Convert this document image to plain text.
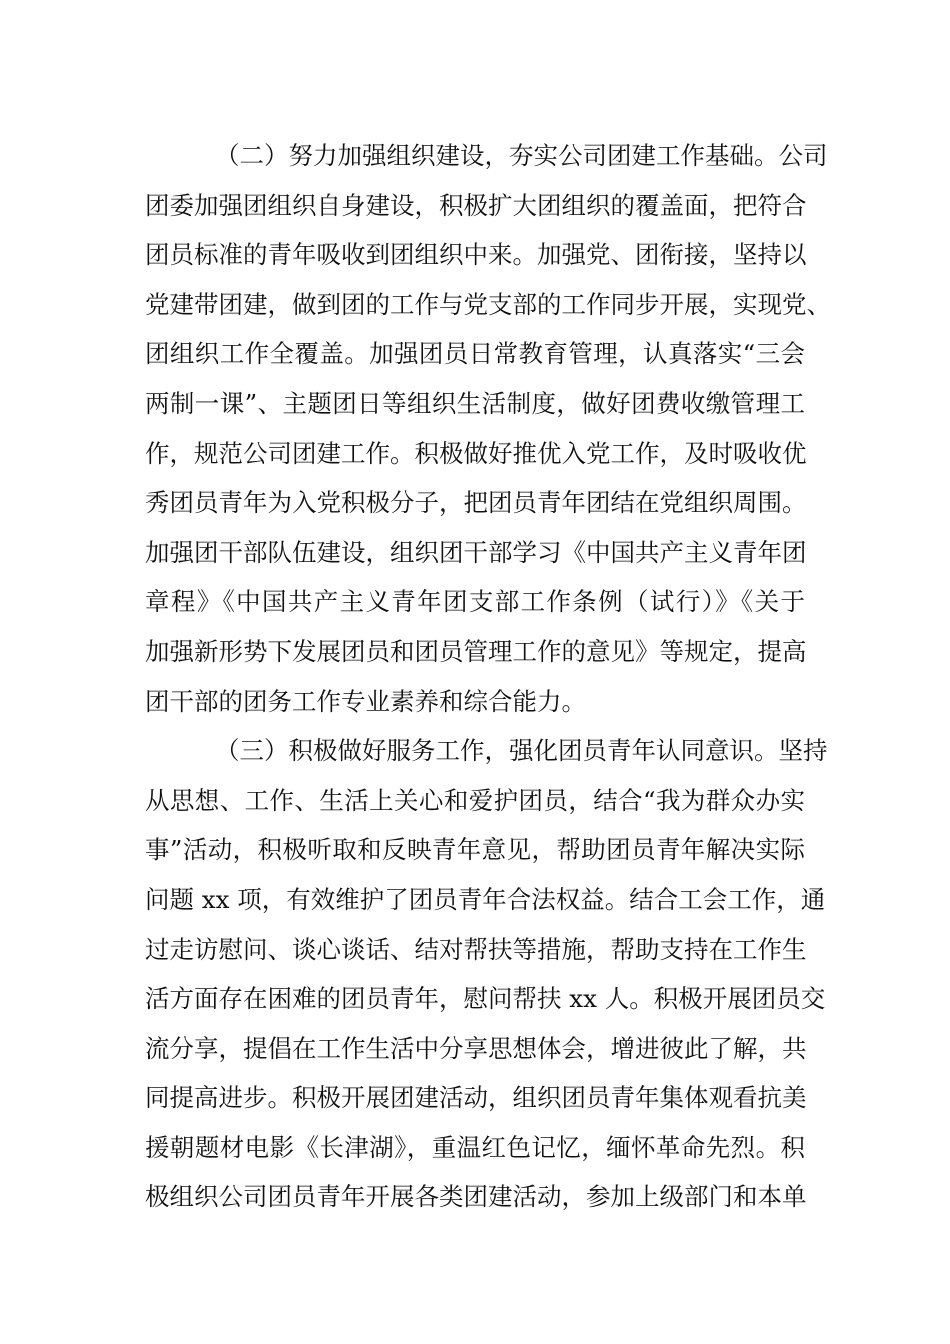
（二）努力加强组织建设，夯实公司团建工作基础。公司
团委加强团组织自身建设，积极扩大团组织的覆盖面，把符合
团员标准的青年吸收到团组织中来。加强党、团衔接，坚持以
党建带团建，做到团的工作与党支部的工作同步开展，实现党、
团组织工作全覆盖。加强团员日常教育管理，认真落实“三会
两制一课”、主题团日等组织生活制度，做好团费收缴管理工
作，规范公司团建工作。积极做好推优入党工作，及时吸收优
秀团员青年为入党积极分子，把团员青年团结在党组织周围。
加强团干部队伍建设，组织团干部学习《中国共产主义青年团
章程》《中国共产主义青年团支部工作条例（试行）》《关于
加强新形势下发展团员和团员管理工作的意见》等规定，提高
团干部的团务工作专业素养和综合能力。
（三）积极做好服务工作，强化团员青年认同意识。坚持
从思想、工作、生活上关心和爱护团员，结合“我为群众办实
事”活动，积极听取和反映青年意见，帮助团员青年解决实际
问题 xx 项，有效维护了团员青年合法权益。结合工会工作，通
过走访慰问、谈心谈话、结对帮扶等措施，帮助支持在工作生
活方面存在困难的团员青年，慰问帮扶 xx 人。积极开展团员交
流分享，提倡在工作生活中分享思想体会，增进彼此了解，共
同提高进步。积极开展团建活动，组织团员青年集体观看抗美
援朝题材电影《长津湖》，重温红色记忆，缅怀革命先烈。积
极组织公司团员青年开展各类团建活动，参加上级部门和本单
